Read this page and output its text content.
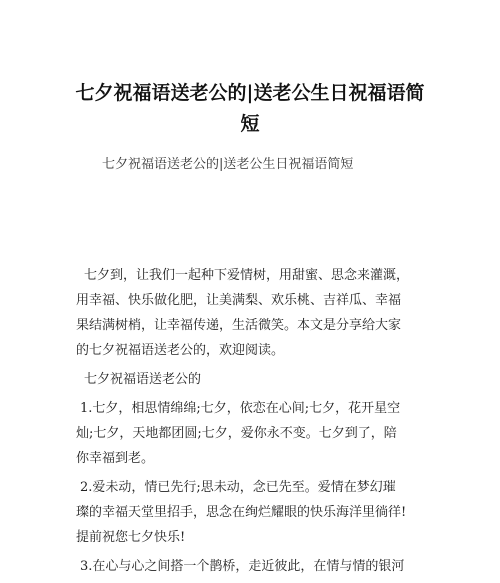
七夕祝福语送老公的|送老公生日祝福语简
短

七夕祝福语送老公的|送老公生日祝福语简短

七夕到，让我们一起种下爱情树，用甜蜜、思念来灌溉，
用幸福、快乐做化肥，让美满梨、欢乐桃、吉祥瓜、幸福
果结满树梢，让幸福传递，生活微笑。本文是分享给大家
的七夕祝福语送老公的，欢迎阅读。
七夕祝福语送老公的
1.七夕，相思情绵绵;七夕，依恋在心间;七夕，花开星空
灿;七夕，天地都团圆;七夕，爱你永不变。七夕到了，陪
你幸福到老。
2.爱未动，情已先行;思未动，念已先至。爱情在梦幻璀
璨的幸福天堂里招手，思念在绚烂耀眼的快乐海洋里徜徉!
提前祝您七夕快乐!
3.在心与心之间搭一个鹊桥，走近彼此，在情与情的银河
